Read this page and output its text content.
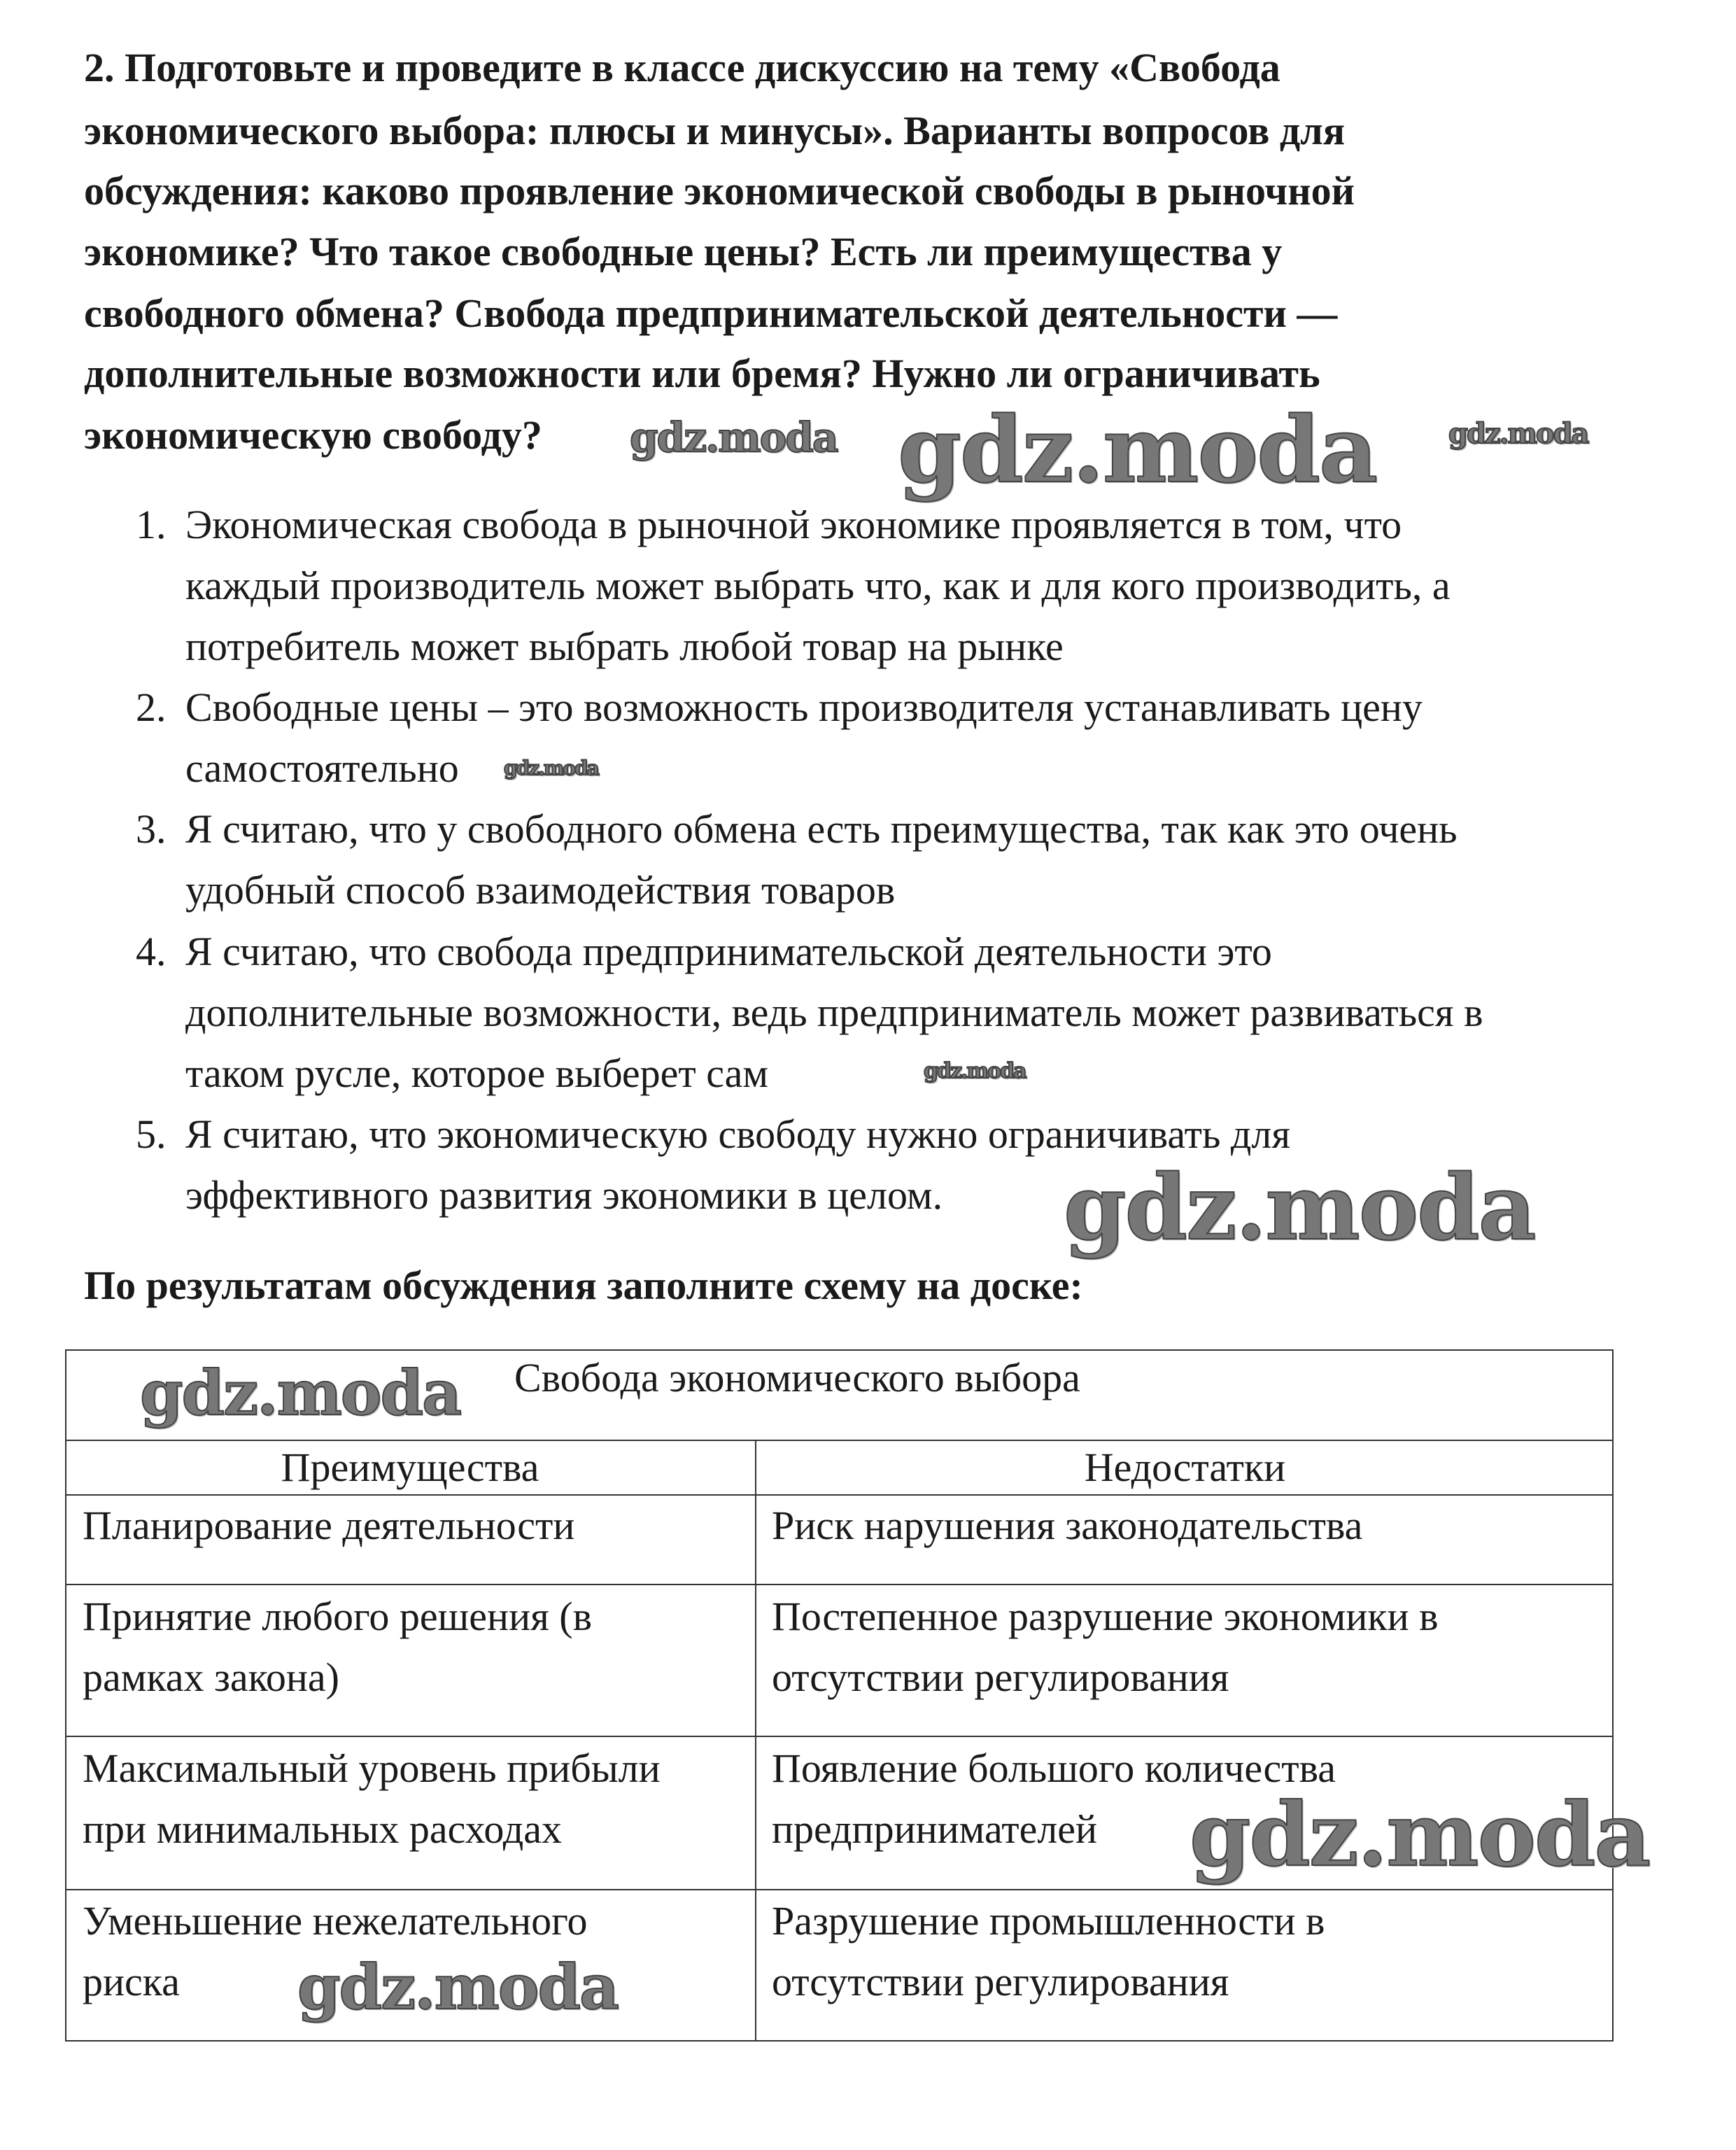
2. Подготовьте и проведите в классе дискуссию на тему «Свобода
экономического выбора: плюсы и минусы». Варианты вопросов для
обсуждения: каково проявление экономической свободы в рыночной
экономике? Что такое свободные цены? Есть ли преимущества у
свободного обмена? Свобода предпринимательской деятельности —
дополнительные возможности или бремя? Нужно ли ограничивать
экономическую свободу?
1. Экономическая свобода в рыночной экономике проявляется в том, что
каждый производитель может выбрать что, как и для кого производить, а
потребитель может выбрать любой товар на рынке
2. Свободные цены – это возможность производителя устанавливать цену
самостоятельно
3. Я считаю, что у свободного обмена есть преимущества, так как это очень
удобный способ взаимодействия товаров
4. Я считаю, что свобода предпринимательской деятельности это
дополнительные возможности, ведь предприниматель может развиваться в
таком русле, которое выберет сам
5. Я считаю, что экономическую свободу нужно ограничивать для
эффективного развития экономики в целом.
По результатам обсуждения заполните схему на доске:
Свобода экономического выбора
Преимущества	Недостатки
Планирование деятельности	Риск нарушения законодательства
Принятие любого решения (в
рамках закона)
Постепенное разрушение экономики в
отсутствии регулирования
Максимальный уровень прибыли
при минимальных расходах
Появление большого количества
предпринимателей
Уменьшение нежелательного
риска
Разрушение промышленности в
отсутствии регулирования
gdz.moda
gdz.moda gdz.moda
gdz.moda
gdz.moda
gdz.moda
gdz.moda
gdz.moda
gdz.moda
